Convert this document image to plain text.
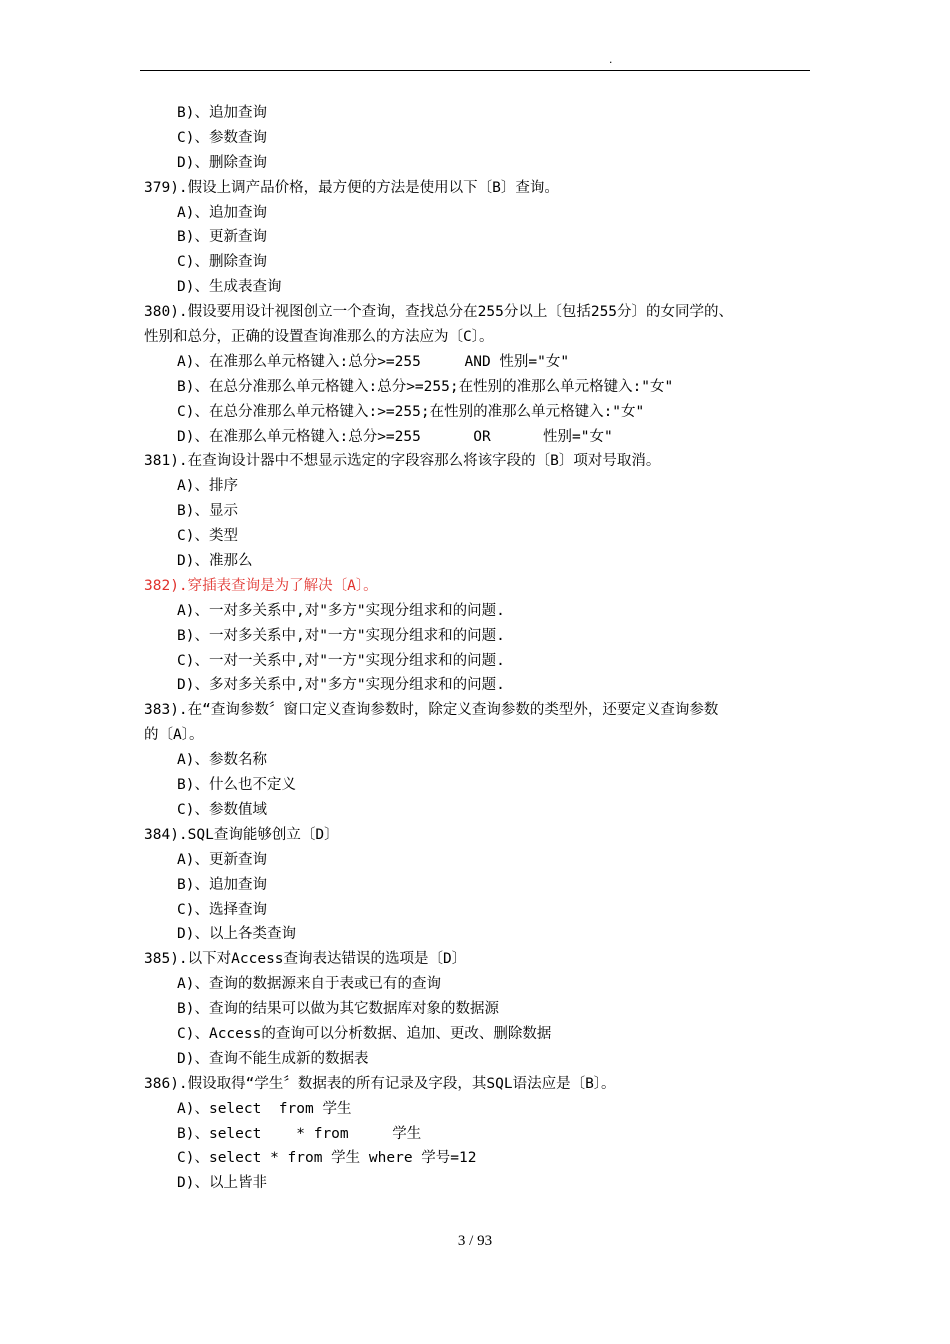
.
B)、追加查询
C)、参数查询
D)、删除查询
379).假设上调产品价格，最方便的方法是使用以下〔B〕查询。
A)、追加查询
B)、更新查询
C)、删除查询
D)、生成表查询
380).假设要用设计视图创立一个查询，查找总分在255分以上〔包括255分〕的女同学的、
性别和总分，正确的设置查询准那么的方法应为〔C〕。
A)、在准那么单元格键入:总分>=255     AND 性别="女"
B)、在总分准那么单元格键入:总分>=255;在性别的准那么单元格键入:"女"
C)、在总分准那么单元格键入:>=255;在性别的准那么单元格键入:"女"
D)、在准那么单元格键入:总分>=255      OR      性别="女"
381).在查询设计器中不想显示选定的字段容那么将该字段的〔B〕项对号取消。
A)、排序
B)、显示
C)、类型
D)、准那么
382).穿插表查询是为了解决〔A〕。
A)、一对多关系中,对"多方"实现分组求和的问题.
B)、一对多关系中,对"一方"实现分组求和的问题.
C)、一对一关系中,对"一方"实现分组求和的问题.
D)、多对多关系中,对"多方"实现分组求和的问题.
383).在“查询参数〞窗口定义查询参数时，除定义查询参数的类型外，还要定义查询参数
的〔A〕。
A)、参数名称
B)、什么也不定义
C)、参数值域
384).SQL查询能够创立〔D〕
A)、更新查询
B)、追加查询
C)、选择查询
D)、以上各类查询
385).以下对Access查询表达错误的选项是〔D〕
A)、查询的数据源来自于表或已有的查询
B)、查询的结果可以做为其它数据库对象的数据源
C)、Access的查询可以分析数据、追加、更改、删除数据
D)、查询不能生成新的数据表
386).假设取得“学生〞数据表的所有记录及字段，其SQL语法应是〔B〕。
A)、select  from 学生
B)、select    * from     学生
C)、select * from 学生 where 学号=12
D)、以上皆非
3 / 93
